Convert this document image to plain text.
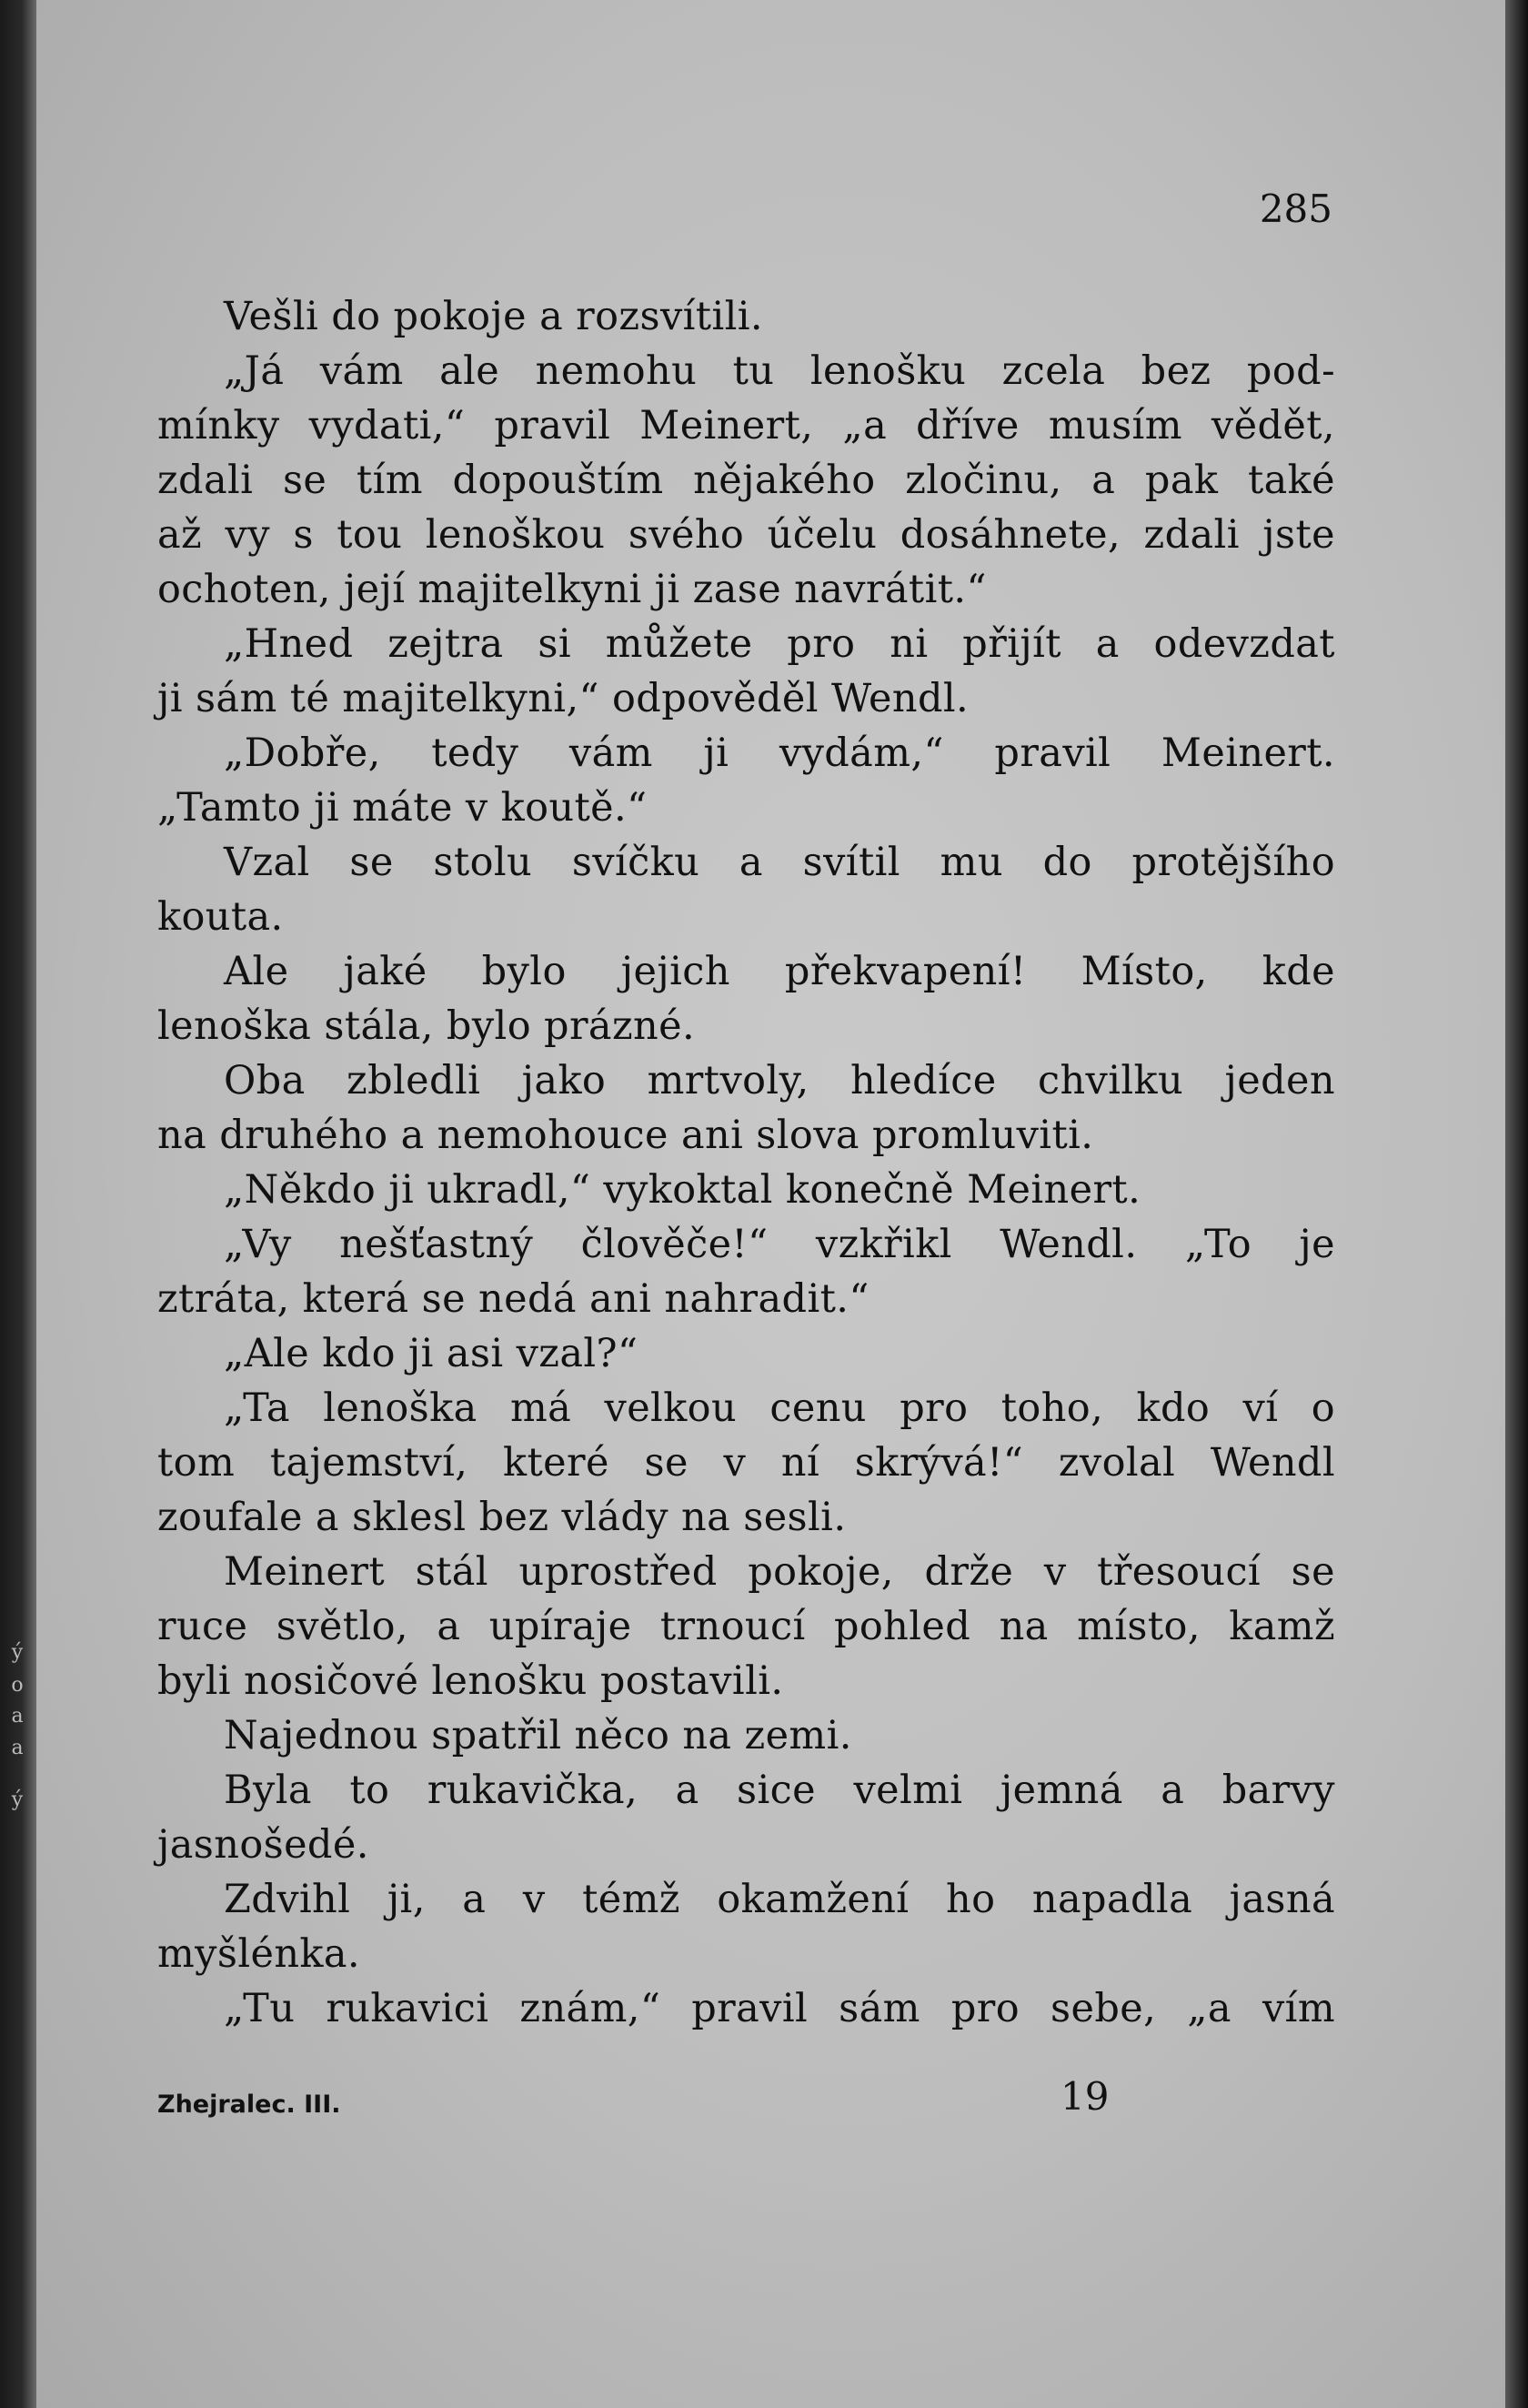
ý
o
a
a
ý
285
Vešli do pokoje a rozsvítili.
„Já vám ale nemohu tu lenošku zcela bez pod-
mínky vydati,“ pravil Meinert, „a dříve musím vědět,
zdali se tím dopouštím nějakého zločinu, a pak také
až vy s tou lenoškou svého účelu dosáhnete, zdali jste
ochoten, její majitelkyni ji zase navrátit.“
„Hned zejtra si můžete pro ni přijít a odevzdat
ji sám té majitelkyni,“ odpověděl Wendl.
„Dobře, tedy vám ji vydám,“ pravil Meinert.
„Tamto ji máte v koutě.“
Vzal se stolu svíčku a svítil mu do protějšího
kouta.
Ale jaké bylo jejich překvapení! Místo, kde
lenoška stála, bylo prázné.
Oba zbledli jako mrtvoly, hledíce chvilku jeden
na druhého a nemohouce ani slova promluviti.
„Někdo ji ukradl,“ vykoktal konečně Meinert.
„Vy nešťastný člověče!“ vzkřikl Wendl. „To je
ztráta, která se nedá ani nahradit.“
„Ale kdo ji asi vzal?“
„Ta lenoška má velkou cenu pro toho, kdo ví o
tom tajemství, které se v ní skrývá!“ zvolal Wendl
zoufale a sklesl bez vlády na sesli.
Meinert stál uprostřed pokoje, drže v třesoucí se
ruce světlo, a upíraje trnoucí pohled na místo, kamž
byli nosičové lenošku postavili.
Najednou spatřil něco na zemi.
Byla to rukavička, a sice velmi jemná a barvy
jasnošedé.
Zdvihl ji, a v témž okamžení ho napadla jasná
myšlénka.
„Tu rukavici znám,“ pravil sám pro sebe, „a vím
Zhejralec. III.	19
